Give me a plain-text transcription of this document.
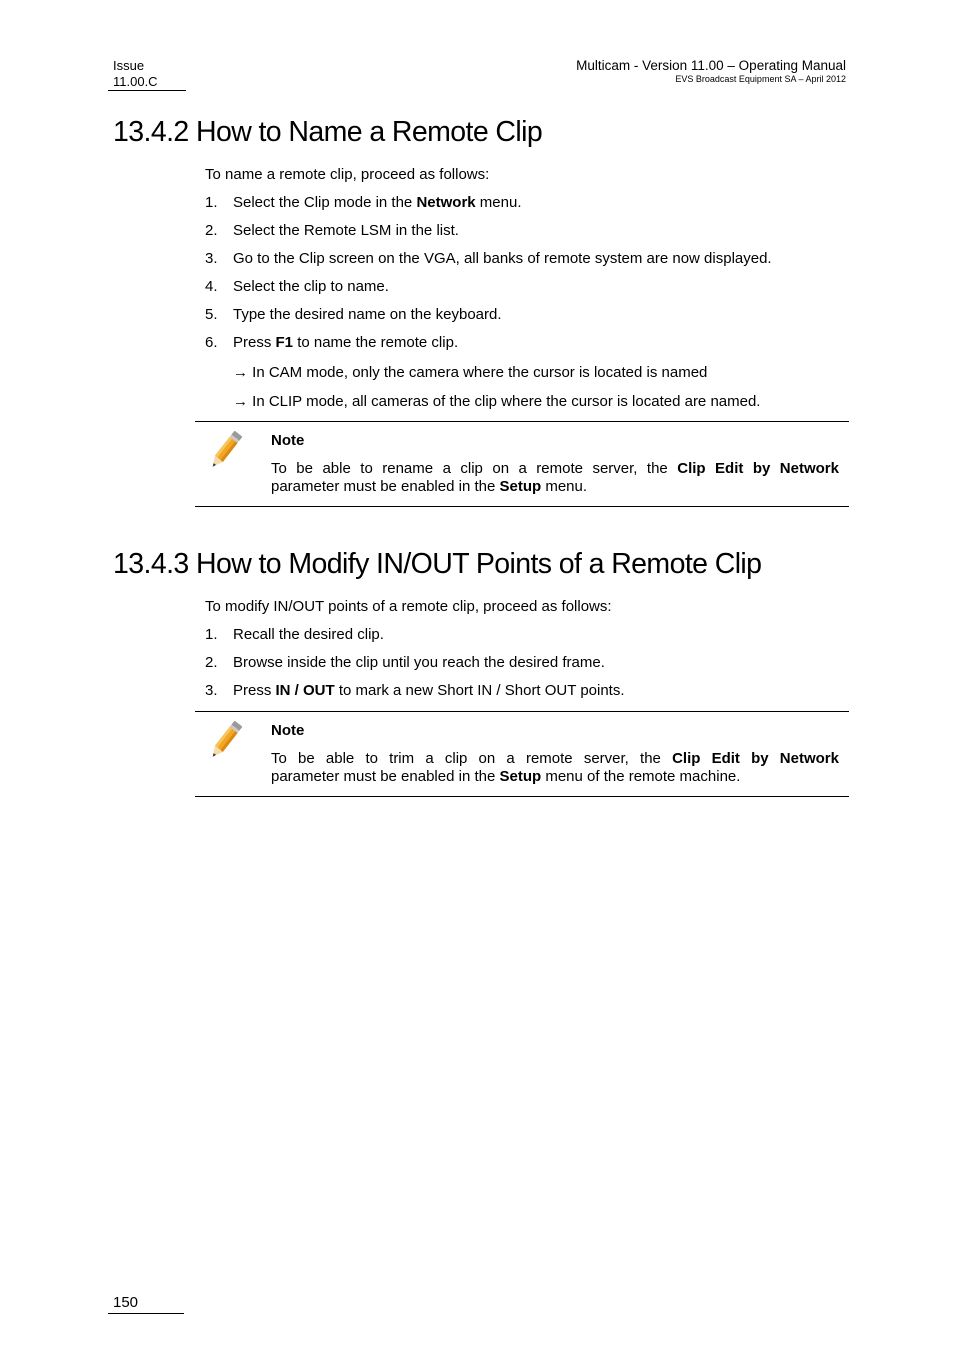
Issue
11.00.C
Multicam - Version 11.00 – Operating Manual
EVS Broadcast Equipment SA – April 2012
13.4.2 How to Name a Remote Clip
To name a remote clip, proceed as follows:
1. Select the Clip mode in the Network menu.
2. Select the Remote LSM in the list.
3. Go to the Clip screen on the VGA, all banks of remote system are now displayed.
4. Select the clip to name.
5. Type the desired name on the keyboard.
6. Press F1 to name the remote clip.
→ In CAM mode, only the camera where the cursor is located is named
→ In CLIP mode, all cameras of the clip where the cursor is located are named.
Note
To be able to rename a clip on a remote server, the Clip Edit by Network
parameter must be enabled in the Setup menu.
13.4.3 How to Modify IN/OUT Points of a Remote Clip
To modify IN/OUT points of a remote clip, proceed as follows:
1. Recall the desired clip.
2. Browse inside the clip until you reach the desired frame.
3. Press IN / OUT to mark a new Short IN / Short OUT points.
Note
To be able to trim a clip on a remote server, the Clip Edit by Network
parameter must be enabled in the Setup menu of the remote machine.
150
